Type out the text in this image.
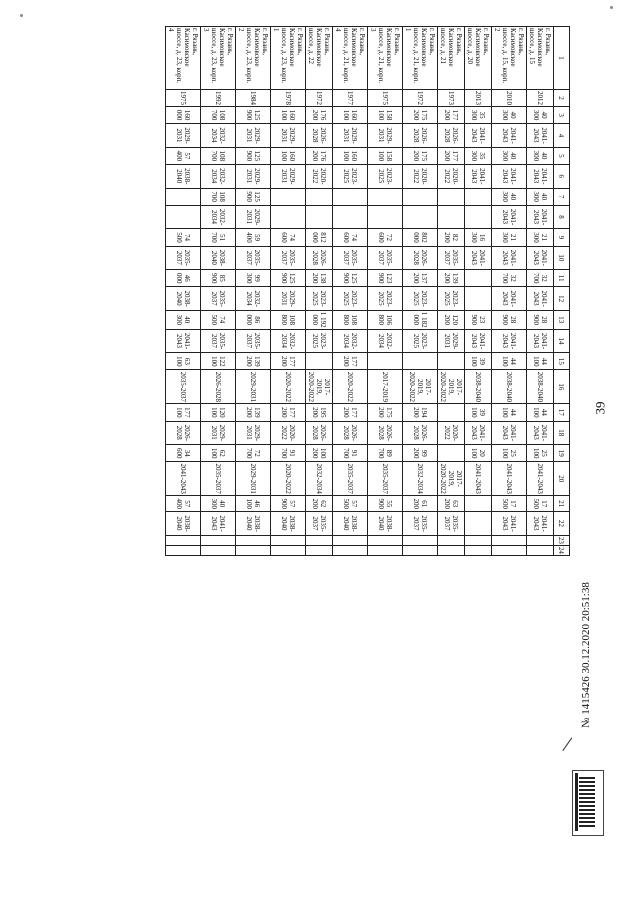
39
1	2	3	4	5	6	7	8	9	10	11	12	13	14	15	16	17	18	19	20	21	22	23	24
г. Рязань, Касимовское шоссе, д. 15	2012	40 300	2041-2043	40 300	2041-2043	40 300	2041-2043	21 300	2041-2043	32 700	2041-2043	28 900	2041-2043	44 100	2038-2040	44 100	2041-2043	25 100	2041-2043	17 500	2041-2043		
г. Рязань, Касимовское шоссе, д. 15, корп. 2	2010	40 300	2041-2043	40 300	2041-2043	40 300	2041-2043	21 300	2041-2043	32 700	2041-2043	28 900	2041-2043	44 100	2038-2040	44 100	2041-2043	25 100	2041-2043	17 500	2041-2043		
г. Рязань, Касимовское шоссе, д. 20	2013	35 300	2041-2043	35 300	2041-2043			16 300	2041-2043			23 900	2041-2043	39 100	2038-2040	39 100	2041-2043	20 100	2041-2043				
г. Рязань, Касимовское шоссе, д. 21	1973	177 200	2026-2028	177 200	2020-2022			82 200	2035-2037	139 200	2023-2025	120 200	2029-2031		2017-2019, 2020-2022		2020-2022		2017-2019, 2020-2022	63 200	2035-2037		
г. Рязань, Касимовское шоссе, д. 21, корп. 1	1972	175 200	2026-2028	175 200	2020-2022			802 000	2026-2028	137 200	2023-2025	1 182 000	2023-2025		2017-2019, 2020-2022	194 200	2026-2028	99 200	2032-2034	61 200	2035-2037		
г. Рязань, Касимовское шоссе, д. 21, корп. 3	1975	158 100	2029-2031	158 100	2023-2025			72 600	2035-2037	123 900	2023-2025	106 800	2032-2034		2017-2019	175 200	2026-2028	89 700	2035-2037	55 900	2038-2040		
г. Рязань, Касимовское шоссе, д. 21, корп. 4	1977	160 100	2029-2031	160 100	2023-2025			74 600	2035-2037	125 900	2023-2025	108 800	2032-2034	177 200	2020-2022	177 200	2026-2028	91 700	2035-2037	57 500	2038-2040		
г. Рязань, Касимовское шоссе, д. 22	1972	176 200	2026-2028	176 200	2020-2022			812 000	2026-2028	138 200	2023-2025	1 192 000	2023-2025		2017-2019, 2020-2022	195 200	2026-2028	100 200	2032-2034	62 200	2035-2037		
г. Рязань, Касимовское шоссе, д. 23, корп. 1	1978	160 100	2029-2031	160 100	2029-2031			74 600	2035-2037	125 900	2029-2031	108 800	2032-2034	177 200	2020-2022	177 200	2020-2022	91 700	2020-2022	57 900	2038-2040		
г. Рязань, Касимовское шоссе, д. 23, корп. 2	1984	125 900	2029-2031	125 900	2029-2031	125 900	2029-2031	59 400	2035-2037	99 300	2032-2034	86 000	2035-2037	139 200	2029-2031	139 200	2029-2031	72 700	2029-2031	46 100	2038-2040		
г. Рязань, Касимовское шоссе, д. 23, корп. 3	1992	108 700	2032-2034	108 700	2032-2034	108 700	2032-2034	51 700	2038-2040	85 900	2035-2037	74 500	2035-2037	122 100	2026-2028	120 100	2029-2031	62 100	2035-2037	40 300	2041-2043		
г. Рязань, Касимовское шоссе, д. 23, корп. 4	1975	160 000	2029-2031	57 400	2038-2040			74 500	2035-2037	46 000	2038-2040	40 300	2041-2043	63 100	2035-2037	177 100	2026-2028	34 600	2041-2043	57 400	2038-2040		
№ 1415426 30.12.2020 20:51:38
